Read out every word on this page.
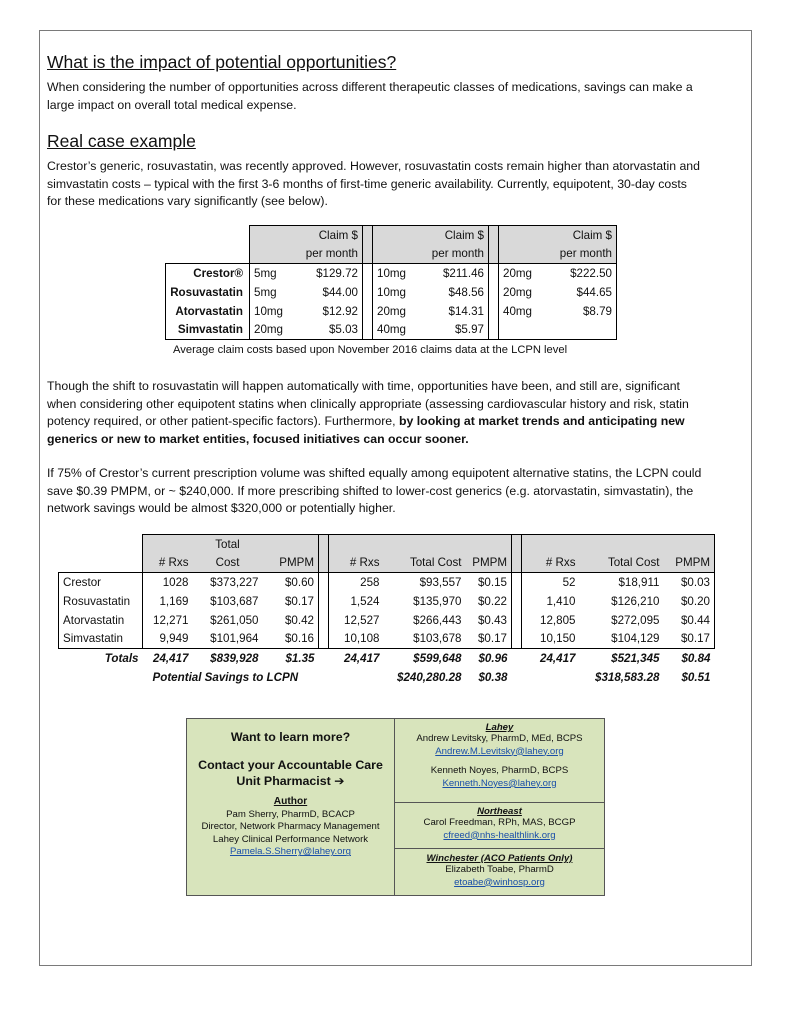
What is the impact of potential opportunities?
When considering the number of opportunities across different therapeutic classes of medications, savings can make a
large impact on overall total medical expense.
Real case example
Crestor’s generic, rosuvastatin, was recently approved. However, rosuvastatin costs remain higher than atorvastatin and
simvastatin costs – typical with the first 3-6 months of first-time generic availability. Currently, equipotent, 30-day costs
for these medications vary significantly (see below).
		Claim $			Claim $			Claim $
		per month			per month			per month
Crestor®	5mg	$129.72		10mg	$211.46		20mg	$222.50
Rosuvastatin	5mg	$44.00		10mg	$48.56		20mg	$44.65
Atorvastatin	10mg	$12.92		20mg	$14.31		40mg	$8.79
Simvastatin	20mg	$5.03		40mg	$5.97			
Average claim costs based upon November 2016 claims data at the LCPN level
Though the shift to rosuvastatin will happen automatically with time, opportunities have been, and still are, significant
when considering other equipotent statins when clinically appropriate (assessing cardiovascular history and risk, statin
potency required, or other patient-specific factors). Furthermore, by looking at market trends and anticipating new
generics or new to market entities, focused initiatives can occur sooner.
If 75% of Crestor’s current prescription volume was shifted equally among equipotent alternative statins, the LCPN could
save $0.39 PMPM, or ~ $240,000. If more prescribing shifted to lower-cost generics (e.g. atorvastatin, simvastatin), the
network savings would be almost $320,000 or potentially higher.
		Total									
	# Rxs	Cost	PMPM		# Rxs	Total Cost	PMPM		# Rxs	Total Cost	PMPM
Crestor	1028	$373,227	$0.60		258	$93,557	$0.15		52	$18,911	$0.03
Rosuvastatin	1,169	$103,687	$0.17		1,524	$135,970	$0.22		1,410	$126,210	$0.20
Atorvastatin	12,271	$261,050	$0.42		12,527	$266,443	$0.43		12,805	$272,095	$0.44
Simvastatin	9,949	$101,964	$0.16		10,108	$103,678	$0.17		10,150	$104,129	$0.17
Totals	24,417	$839,928	$1.35		24,417	$599,648	$0.96		24,417	$521,345	$0.84
Potential Savings to LCPN						$240,280.28	$0.38			$318,583.28	$0.51
Want to learn more?
Contact your Accountable Care
Unit Pharmacist ➔
Author
Pam Sherry, PharmD, BCACP
Director, Network Pharmacy Management
Lahey Clinical Performance Network
Pamela.S.Sherry@lahey.org
Lahey
Andrew Levitsky, PharmD, MEd, BCPS
Andrew.M.Levitsky@lahey.org
Kenneth Noyes, PharmD, BCPS
Kenneth.Noyes@lahey.org
Northeast
Carol Freedman, RPh, MAS, BCGP
cfreed@nhs-healthlink.org
Winchester (ACO Patients Only)
Elizabeth Toabe, PharmD
etoabe@winhosp.org
